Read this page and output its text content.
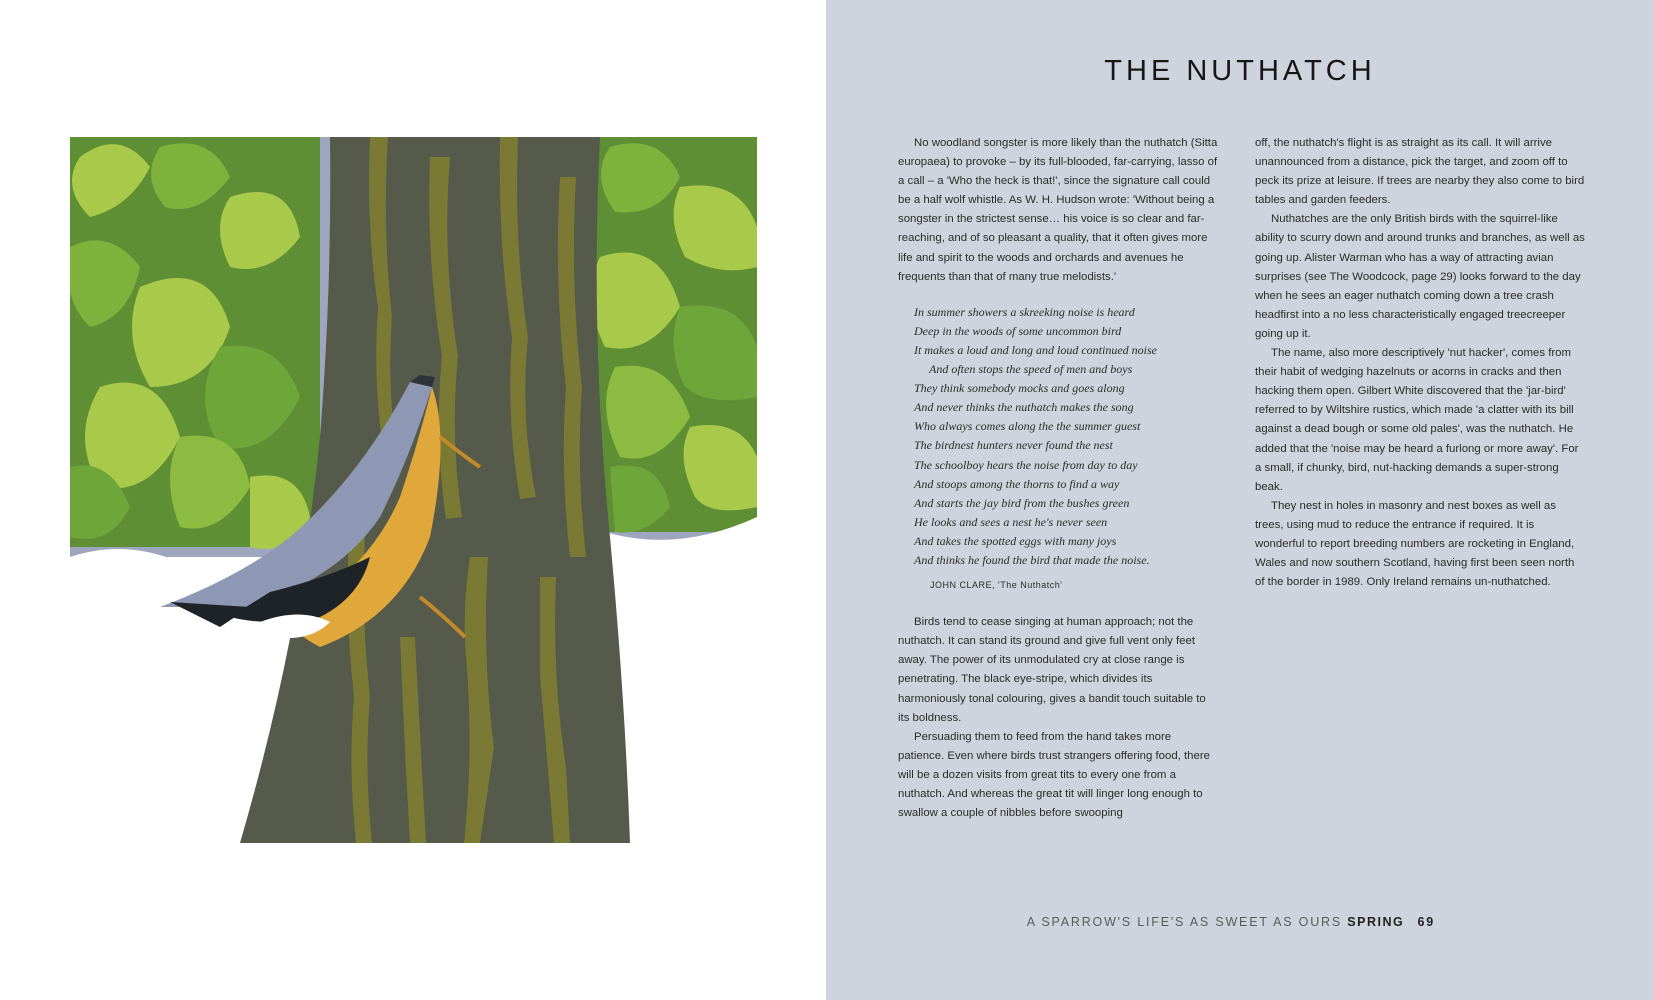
THE NUTHATCH

No woodland songster is more likely than the nuthatch (Sitta europaea) to provoke – by its full-blooded, far-carrying, lasso of a call – a 'Who the heck is that!', since the signature call could be a half wolf whistle. As W. H. Hudson wrote: 'Without being a songster in the strictest sense… his voice is so clear and far-reaching, and of so pleasant a quality, that it often gives more life and spirit to the woods and orchards and avenues he frequents than that of many true melodists.'

In summer showers a skreeking noise is heard
Deep in the woods of some uncommon bird
It makes a loud and long and loud continued noise
And often stops the speed of men and boys
They think somebody mocks and goes along
And never thinks the nuthatch makes the song
Who always comes along the the summer guest
The birdnest hunters never found the nest
The schoolboy hears the noise from day to day
And stoops among the thorns to find a way
And starts the jay bird from the bushes green
He looks and sees a nest he's never seen
And takes the spotted eggs with many joys
And thinks he found the bird that made the noise.
JOHN CLARE, 'The Nuthatch'

Birds tend to cease singing at human approach; not the nuthatch. It can stand its ground and give full vent only feet away. The power of its unmodulated cry at close range is penetrating. The black eye-stripe, which divides its harmoniously tonal colouring, gives a bandit touch suitable to its boldness.

Persuading them to feed from the hand takes more patience. Even where birds trust strangers offering food, there will be a dozen visits from great tits to every one from a nuthatch. And whereas the great tit will linger long enough to swallow a couple of nibbles before swooping

off, the nuthatch's flight is as straight as its call. It will arrive unannounced from a distance, pick the target, and zoom off to peck its prize at leisure. If trees are nearby they also come to bird tables and garden feeders.

Nuthatches are the only British birds with the squirrel-like ability to scurry down and around trunks and branches, as well as going up. Alister Warman who has a way of attracting avian surprises (see The Woodcock, page 29) looks forward to the day when he sees an eager nuthatch coming down a tree crash headfirst into a no less characteristically engaged treecreeper going up it.

The name, also more descriptively 'nut hacker', comes from their habit of wedging hazelnuts or acorns in cracks and then hacking them open. Gilbert White discovered that the 'jar-bird' referred to by Wiltshire rustics, which made 'a clatter with its bill against a dead bough or some old pales', was the nuthatch. He added that the 'noise may be heard a furlong or more away'. For a small, if chunky, bird, nut-hacking demands a super-strong beak.

They nest in holes in masonry and nest boxes as well as trees, using mud to reduce the entrance if required. It is wonderful to report breeding numbers are rocketing in England, Wales and now southern Scotland, having first been seen north of the border in 1989. Only Ireland remains un-nuthatched.

A SPARROW'S LIFE'S AS SWEET AS OURS SPRING 69
